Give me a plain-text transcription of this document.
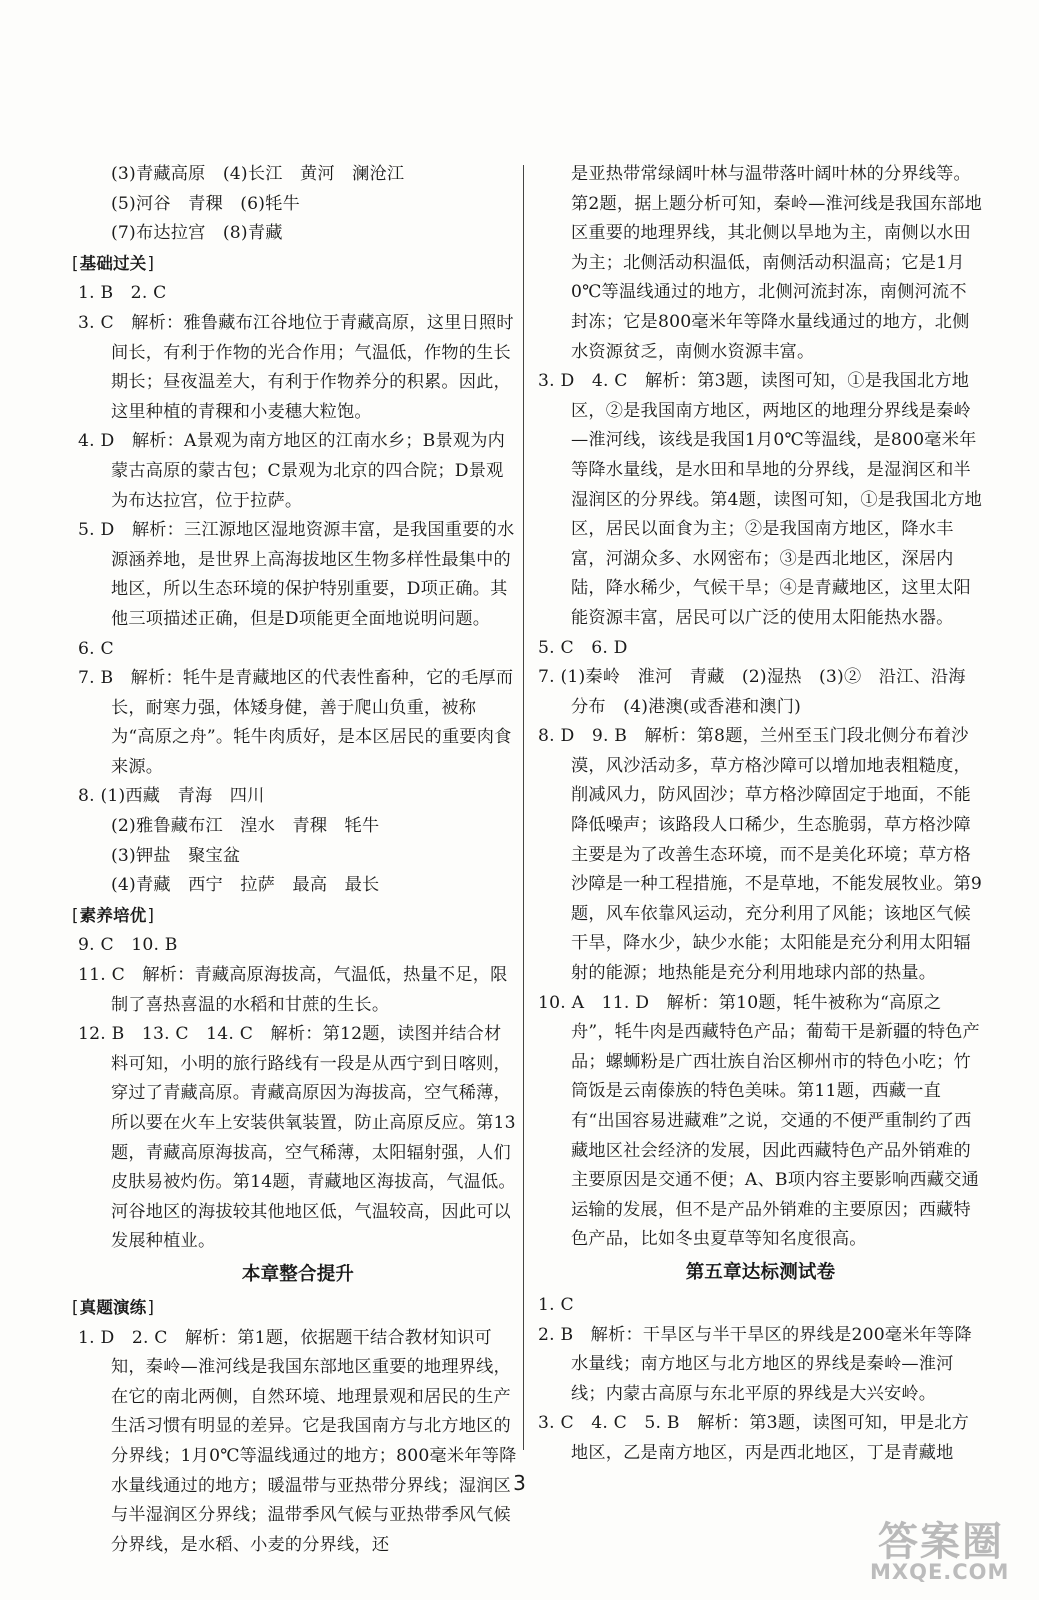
(3)青藏高原　(4)长江　黄河　澜沧江

(5)河谷　青稞　(6)牦牛

(7)布达拉宫　(8)青藏

[ 基础过关 ]

1. B　2. C

3. C　解析：雅鲁藏布江谷地位于青藏高原，这里日照时间长，有利于作物的光合作用；气温低，作物的生长期长；昼夜温差大，有利于作物养分的积累。因此，这里种植的青稞和小麦穗大粒饱。

4. D　解析：A景观为南方地区的江南水乡；B景观为内蒙古高原的蒙古包；C景观为北京的四合院；D景观为布达拉宫，位于拉萨。

5. D　解析：三江源地区湿地资源丰富，是我国重要的水源涵养地，是世界上高海拔地区生物多样性最集中的地区，所以生态环境的保护特别重要，D项正确。其他三项描述正确，但是D项能更全面地说明问题。

6. C

7. B　解析：牦牛是青藏地区的代表性畜种，它的毛厚而长，耐寒力强，体矮身健，善于爬山负重，被称为“高原之舟”。牦牛肉质好，是本区居民的重要肉食来源。

8. (1)西藏　青海　四川

(2)雅鲁藏布江　湟水　青稞　牦牛

(3)钾盐　聚宝盆

(4)青藏　西宁　拉萨　最高　最长

[ 素养培优 ]

9. C　10. B

11. C　解析：青藏高原海拔高，气温低，热量不足，限制了喜热喜温的水稻和甘蔗的生长。

12. B　13. C　14. C　解析：第12题，读图并结合材料可知，小明的旅行路线有一段是从西宁到日喀则，穿过了青藏高原。青藏高原因为海拔高，空气稀薄，所以要在火车上安装供氧装置，防止高原反应。第13题，青藏高原海拔高，空气稀薄，太阳辐射强，人们皮肤易被灼伤。第14题，青藏地区海拔高，气温低。河谷地区的海拔较其他地区低，气温较高，因此可以发展种植业。

本章整合提升

[ 真题演练 ]

1. D　2. C　解析：第1题，依据题干结合教材知识可知，秦岭—淮河线是我国东部地区重要的地理界线，在它的南北两侧，自然环境、地理景观和居民的生产生活习惯有明显的差异。它是我国南方与北方地区的分界线；1月0℃等温线通过的地方；800毫米年等降水量线通过的地方；暖温带与亚热带分界线；湿润区与半湿润区分界线；温带季风气候与亚热带季风气候分界线，是水稻、小麦的分界线，还

是亚热带常绿阔叶林与温带落叶阔叶林的分界线等。第2题，据上题分析可知，秦岭—淮河线是我国东部地区重要的地理界线，其北侧以旱地为主，南侧以水田为主；北侧活动积温低，南侧活动积温高；它是1月0℃等温线通过的地方，北侧河流封冻，南侧河流不封冻；它是800毫米年等降水量线通过的地方，北侧水资源贫乏，南侧水资源丰富。

3. D　4. C　解析：第3题，读图可知，①是我国北方地区，②是我国南方地区，两地区的地理分界线是秦岭—淮河线，该线是我国1月0℃等温线，是800毫米年等降水量线，是水田和旱地的分界线，是湿润区和半湿润区的分界线。第4题，读图可知，①是我国北方地区，居民以面食为主；②是我国南方地区，降水丰富，河湖众多、水网密布；③是西北地区，深居内陆，降水稀少，气候干旱；④是青藏地区，这里太阳能资源丰富，居民可以广泛的使用太阳能热水器。

5. C　6. D

7. (1)秦岭　淮河　青藏　(2)湿热　(3)②　沿江、沿海分布　(4)港澳(或香港和澳门)

8. D　9. B　解析：第8题，兰州至玉门段北侧分布着沙漠，风沙活动多，草方格沙障可以增加地表粗糙度，削减风力，防风固沙；草方格沙障固定于地面，不能降低噪声；该路段人口稀少，生态脆弱，草方格沙障主要是为了改善生态环境，而不是美化环境；草方格沙障是一种工程措施，不是草地，不能发展牧业。第9题，风车依靠风运动，充分利用了风能；该地区气候干旱，降水少，缺少水能；太阳能是充分利用太阳辐射的能源；地热能是充分利用地球内部的热量。

10. A　11. D　解析：第10题，牦牛被称为“高原之舟”，牦牛肉是西藏特色产品；葡萄干是新疆的特色产品；螺蛳粉是广西壮族自治区柳州市的特色小吃；竹筒饭是云南傣族的特色美味。第11题，西藏一直有“出国容易进藏难”之说，交通的不便严重制约了西藏地区社会经济的发展，因此西藏特色产品外销难的主要原因是交通不便；A、B项内容主要影响西藏交通运输的发展，但不是产品外销难的主要原因；西藏特色产品，比如冬虫夏草等知名度很高。

第五章达标测试卷

1. C

2. B　解析：干旱区与半干旱区的界线是200毫米年等降水量线；南方地区与北方地区的界线是秦岭—淮河线；内蒙古高原与东北平原的界线是大兴安岭。

3. C　4. C　5. B　解析：第3题，读图可知，甲是北方地区，乙是南方地区，丙是西北地区，丁是青藏地

3
答案圈
MXQE.COM
